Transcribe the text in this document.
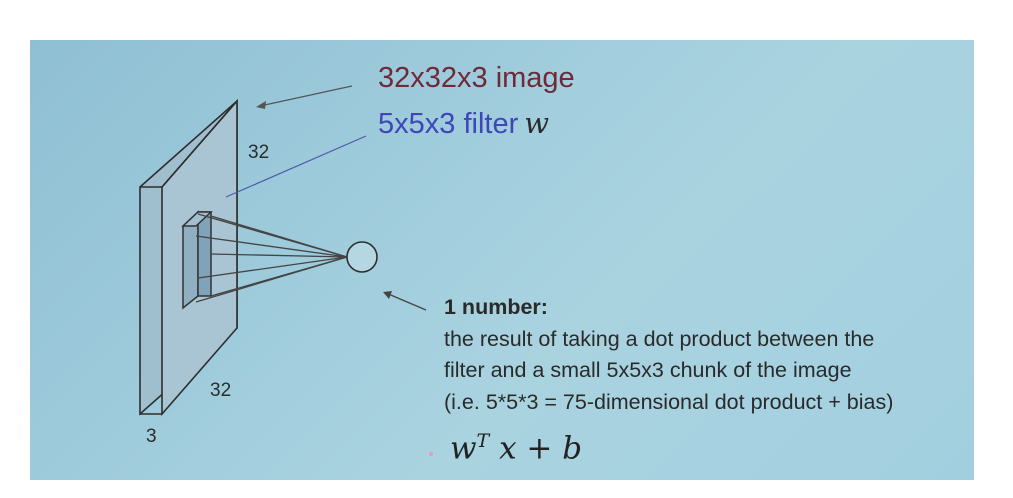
32x32x3 image
5x5x3 filter w
32
32
3
1 number:
the result of taking a dot product between the
filter and a small 5x5x3 chunk of the image
(i.e. 5*5*3 = 75-dimensional dot product + bias)
$w^T$ x + b
